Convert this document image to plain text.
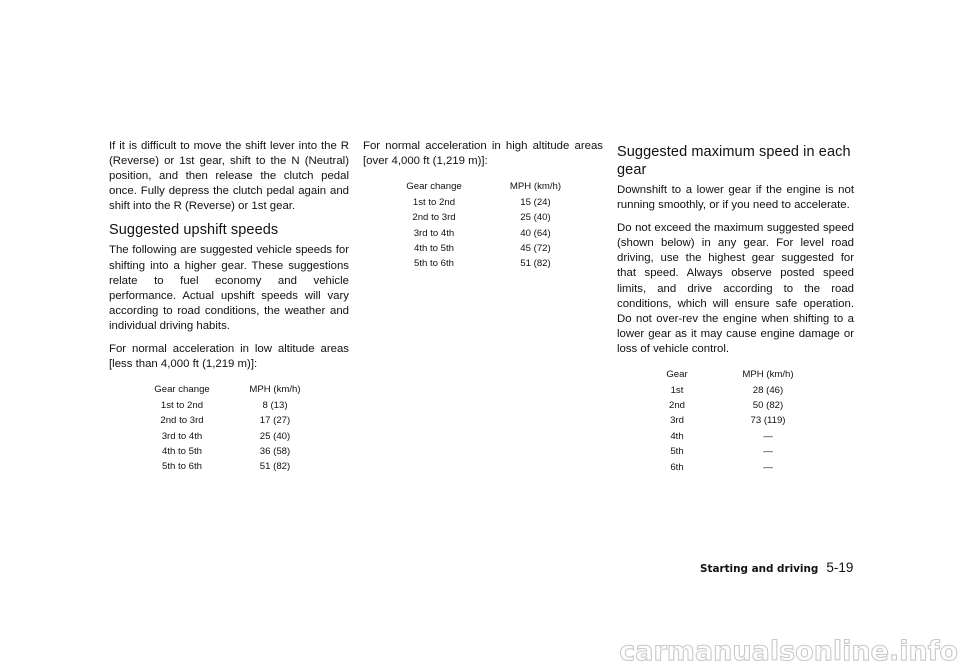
If it is difficult to move the shift lever into the R (Reverse) or 1st gear, shift to the N (Neutral) position, and then release the clutch pedal once. Fully depress the clutch pedal again and shift into the R (Reverse) or 1st gear.

Suggested upshift speeds

The following are suggested vehicle speeds for shifting into a higher gear. These suggestions relate to fuel economy and vehicle performance. Actual upshift speeds will vary according to road conditions, the weather and individual driving habits.

For normal acceleration in low altitude areas [less than 4,000 ft (1,219 m)]:

Gear change	MPH (km/h)
1st to 2nd	8 (13)
2nd to 3rd	17 (27)
3rd to 4th	25 (40)
4th to 5th	36 (58)
5th to 6th	51 (82)

For normal acceleration in high altitude areas [over 4,000 ft (1,219 m)]:

Gear change	MPH (km/h)
1st to 2nd	15 (24)
2nd to 3rd	25 (40)
3rd to 4th	40 (64)
4th to 5th	45 (72)
5th to 6th	51 (82)
Suggested maximum speed in each gear

Downshift to a lower gear if the engine is not running smoothly, or if you need to accelerate.

Do not exceed the maximum suggested speed (shown below) in any gear. For level road driving, use the highest gear suggested for that speed. Always observe posted speed limits, and drive according to the road conditions, which will ensure safe operation. Do not over-rev the engine when shifting to a lower gear as it may cause engine damage or loss of vehicle control.

Gear	MPH (km/h)
1st	28 (46)
2nd	50 (82)
3rd	73 (119)
4th	—
5th	—
6th	—
Starting and driving 5-19
carmanualsonline.info
